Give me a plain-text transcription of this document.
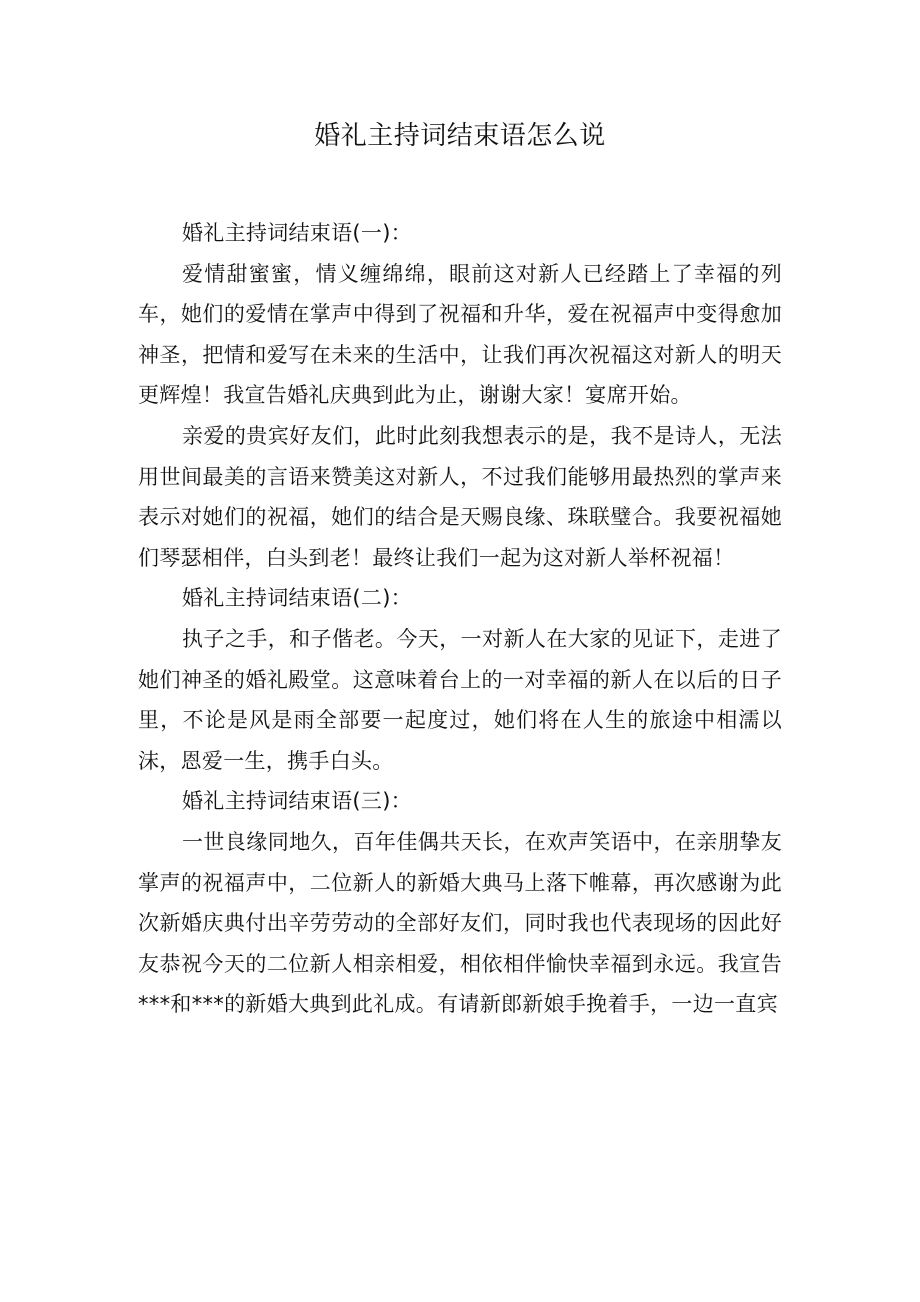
婚礼主持词结束语怎么说

婚礼主持词结束语(一)：

爱情甜蜜蜜，情义缠绵绵，眼前这对新人已经踏上了幸福的列车，她们的爱情在掌声中得到了祝福和升华，爱在祝福声中变得愈加神圣，把情和爱写在未来的生活中，让我们再次祝福这对新人的明天更辉煌！我宣告婚礼庆典到此为止，谢谢大家！宴席开始。

亲爱的贵宾好友们，此时此刻我想表示的是，我不是诗人，无法用世间最美的言语来赞美这对新人，不过我们能够用最热烈的掌声来表示对她们的祝福，她们的结合是天赐良缘、珠联璧合。我要祝福她们琴瑟相伴，白头到老！最终让我们一起为这对新人举杯祝福！

婚礼主持词结束语(二)：

执子之手，和子偕老。今天，一对新人在大家的见证下，走进了她们神圣的婚礼殿堂。这意味着台上的一对幸福的新人在以后的日子里，不论是风是雨全部要一起度过，她们将在人生的旅途中相濡以沫，恩爱一生，携手白头。

婚礼主持词结束语(三)：

一世良缘同地久，百年佳偶共天长，在欢声笑语中，在亲朋挚友掌声的祝福声中，二位新人的新婚大典马上落下帷幕，再次感谢为此次新婚庆典付出辛劳劳动的全部好友们，同时我也代表现场的因此好友恭祝今天的二位新人相亲相爱，相依相伴愉快幸福到永远。我宣告***和***的新婚大典到此礼成。有请新郎新娘手挽着手，一边一直宾
